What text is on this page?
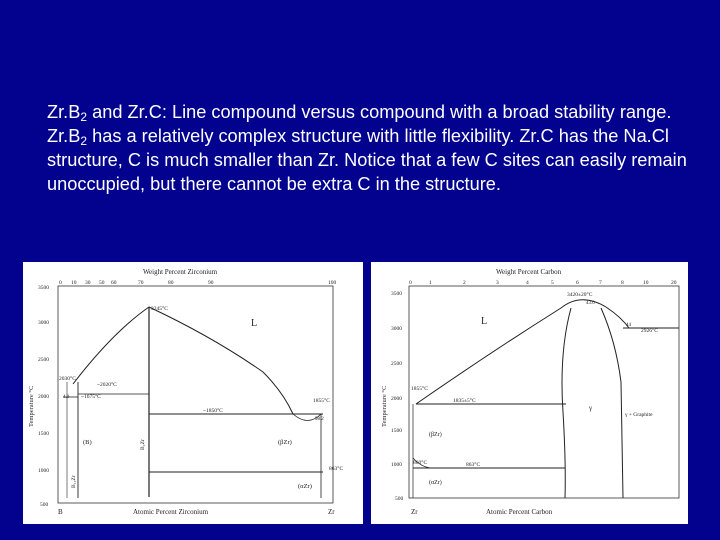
$Zr.B_2$ and Zr.C: Line compound versus compound with a broad stability range. $Zr.B_2$ has a relatively complex structure with little flexibility. Zr.C has the Na.Cl structure, C is much smaller than Zr. Notice that a few C sites can easily remain unoccupied, but there cannot be extra C in the structure.
Weight Percent Zirconium
0 10 30 50 60	70	80	90	100
3500
3000
2500
2000
1500
1000
500
Temperature °C
L
(B)	(βZr)
(αZr)
3245°C
2030°C
~2020°C
~1675°C
~1850°C
1855°C
863°C
4.0
98.2
B₁₂Zr
B₂Zr
Atomic Percent Zirconium
B	Zr
Weight Percent Carbon
0	1	2	3	4	5	6	7	8	10	20
3500
3000
2500
2000
1500
1000
500
Temperature °C
L
γ
γ + Graphite
(βZr)
(αZr)
3420±20°C
2926°C
1855°C
1835±5°C
860°C	863°C
43.0
44
Zr	Atomic Percent Carbon
